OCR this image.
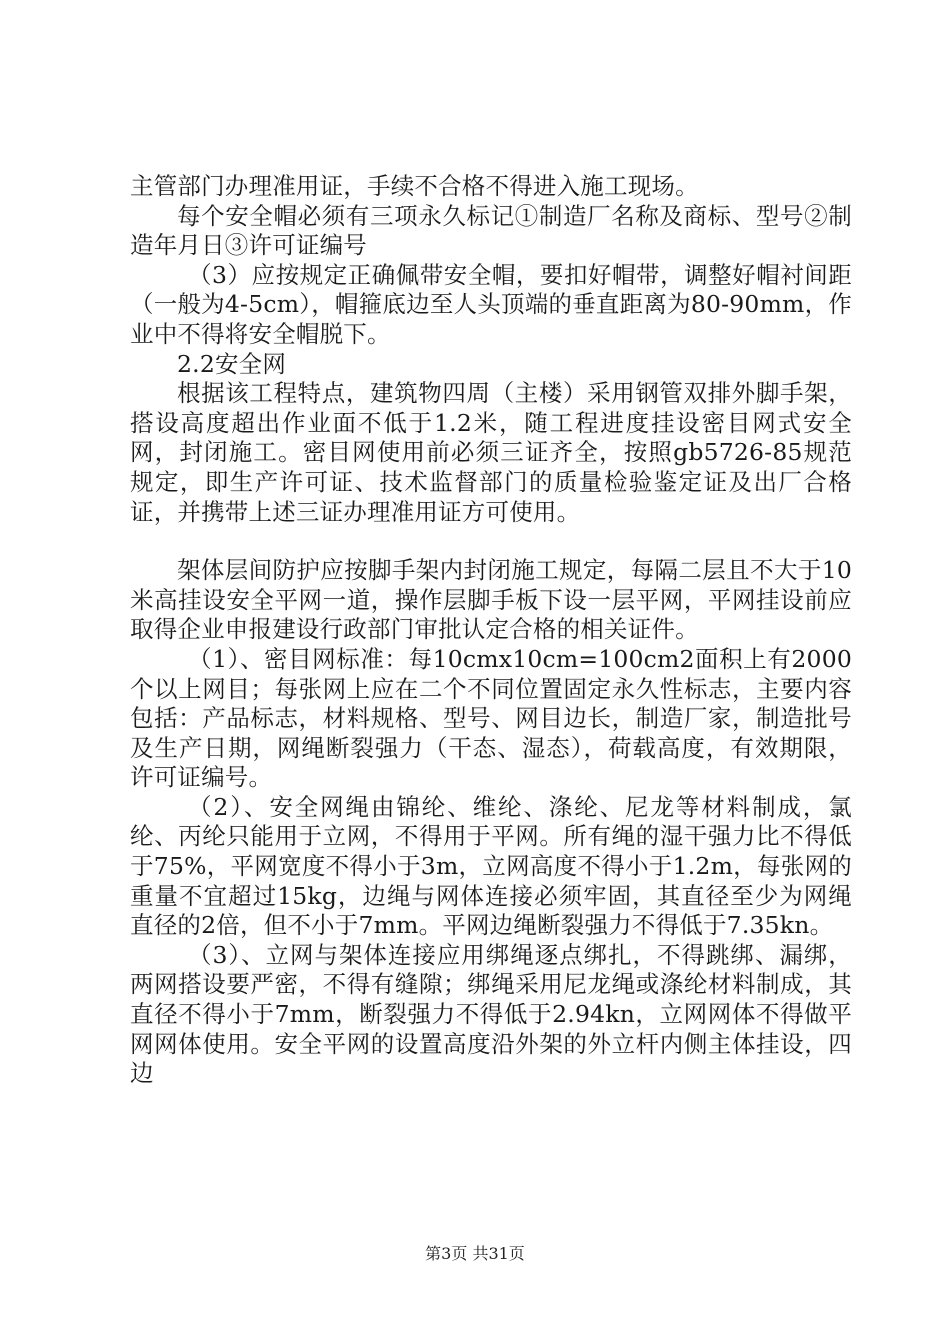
主管部门办理准用证，手续不合格不得进入施工现场。

每个安全帽必须有三项永久标记①制造厂名称及商标、型号②制造年月日③许可证编号

（3）应按规定正确佩带安全帽，要扣好帽带，调整好帽衬间距（一般为4-5cm），帽箍底边至人头顶端的垂直距离为80-90mm，作业中不得将安全帽脱下。

2.2安全网

根据该工程特点，建筑物四周（主楼）采用钢管双排外脚手架，搭设高度超出作业面不低于1.2米，随工程进度挂设密目网式安全网，封闭施工。密目网使用前必须三证齐全，按照gb5726-85规范规定，即生产许可证、技术监督部门的质量检验鉴定证及出厂合格证，并携带上述三证办理准用证方可使用。

架体层间防护应按脚手架内封闭施工规定，每隔二层且不大于10米高挂设安全平网一道，操作层脚手板下设一层平网，平网挂设前应取得企业申报建设行政部门审批认定合格的相关证件。

（1）、密目网标准：每10cmx10cm=100cm2面积上有2000个以上网目；每张网上应在二个不同位置固定永久性标志，主要内容包括：产品标志，材料规格、型号、网目边长，制造厂家，制造批号及生产日期，网绳断裂强力（干态、湿态），荷载高度，有效期限，许可证编号。

（2）、安全网绳由锦纶、维纶、涤纶、尼龙等材料制成，氯纶、丙纶只能用于立网，不得用于平网。所有绳的湿干强力比不得低于75%，平网宽度不得小于3m，立网高度不得小于1.2m，每张网的重量不宜超过15kg，边绳与网体连接必须牢固，其直径至少为网绳直径的2倍，但不小于7mm。平网边绳断裂强力不得低于7.35kn。

（3）、立网与架体连接应用绑绳逐点绑扎，不得跳绑、漏绑，两网搭设要严密，不得有缝隙；绑绳采用尼龙绳或涤纶材料制成，其直径不得小于7mm，断裂强力不得低于2.94kn，立网网体不得做平网网体使用。安全平网的设置高度沿外架的外立杆内侧主体挂设，四边

第3页 共31页
